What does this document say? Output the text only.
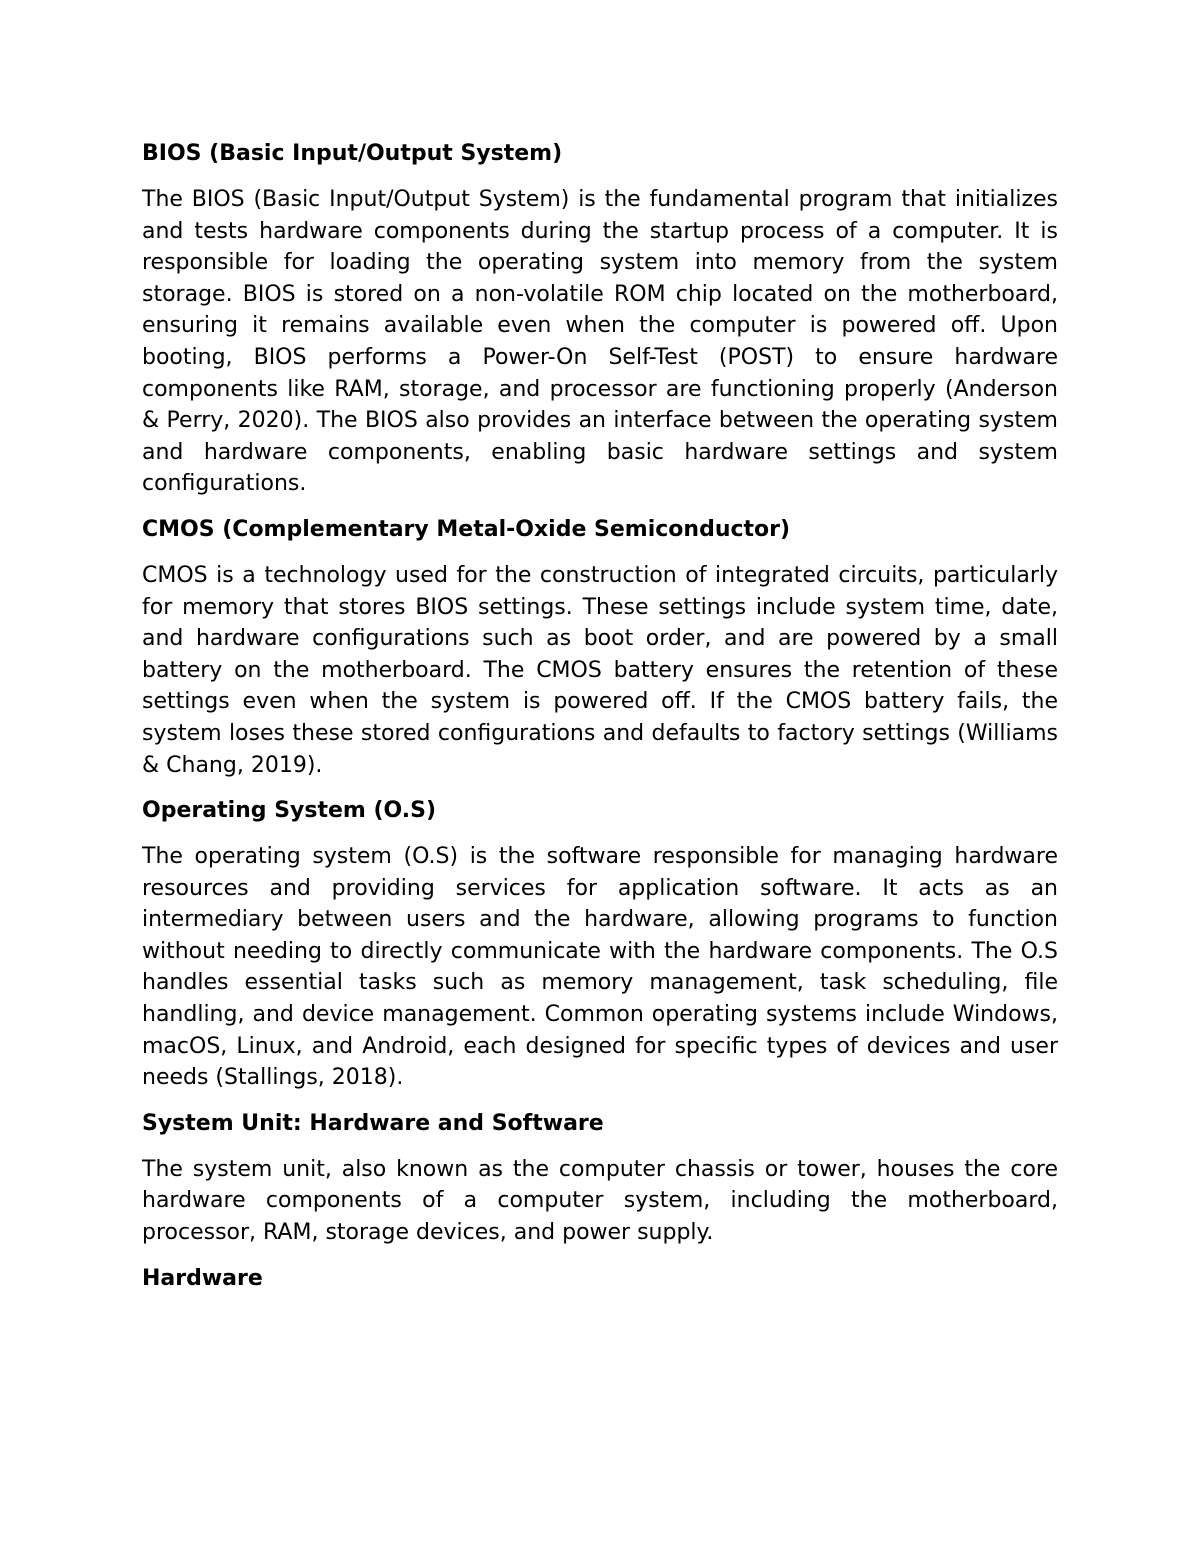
BIOS (Basic Input/Output System)
The BIOS (Basic Input/Output System) is the fundamental program that initializes and tests hardware components during the startup process of a computer. It is responsible for loading the operating system into memory from the system storage. BIOS is stored on a non-volatile ROM chip located on the motherboard, ensuring it remains available even when the computer is powered off. Upon booting, BIOS performs a Power-On Self-Test (POST) to ensure hardware components like RAM, storage, and processor are functioning properly (Anderson & Perry, 2020). The BIOS also provides an interface between the operating system and hardware components, enabling basic hardware settings and system configurations.
CMOS (Complementary Metal-Oxide Semiconductor)
CMOS is a technology used for the construction of integrated circuits, particularly for memory that stores BIOS settings. These settings include system time, date, and hardware configurations such as boot order, and are powered by a small battery on the motherboard. The CMOS battery ensures the retention of these settings even when the system is powered off. If the CMOS battery fails, the system loses these stored configurations and defaults to factory settings (Williams & Chang, 2019).
Operating System (O.S)
The operating system (O.S) is the software responsible for managing hardware resources and providing services for application software. It acts as an intermediary between users and the hardware, allowing programs to function without needing to directly communicate with the hardware components. The O.S handles essential tasks such as memory management, task scheduling, file handling, and device management. Common operating systems include Windows, macOS, Linux, and Android, each designed for specific types of devices and user needs (Stallings, 2018).
System Unit: Hardware and Software
The system unit, also known as the computer chassis or tower, houses the core hardware components of a computer system, including the motherboard, processor, RAM, storage devices, and power supply.
Hardware
